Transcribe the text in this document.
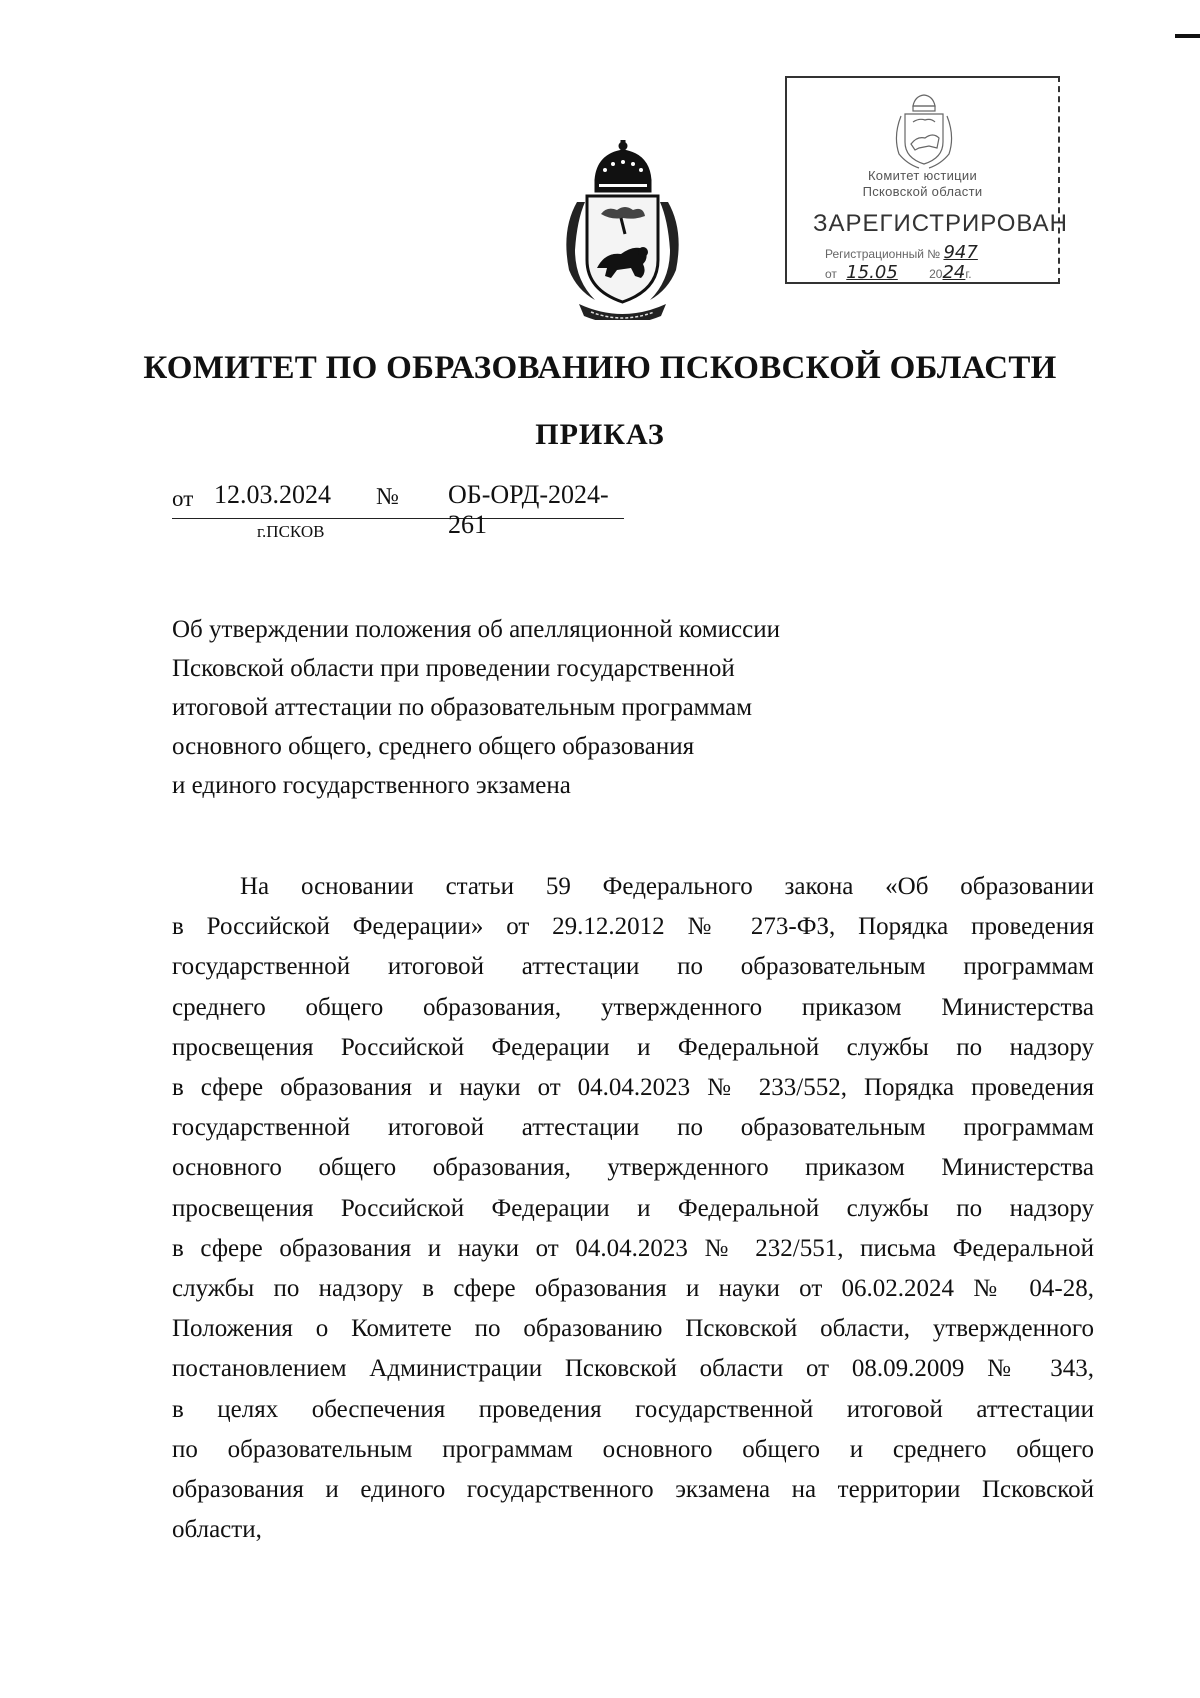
Комитет юстиции
Псковской области
ЗАРЕГИСТРИРОВАН
Регистрационный № 947
от 15.05	2024г.
КОМИТЕТ ПО ОБРАЗОВАНИЮ ПСКОВСКОЙ ОБЛАСТИ
ПРИКАЗ
от 12.03.2024 № ОБ-ОРД-2024-261
г.ПСКОВ
Об утверждении положения об апелляционной комиссии
Псковской области при проведении государственной
итоговой аттестации по образовательным программам
основного общего, среднего общего образования
и единого государственного экзамена
На основании статьи 59 Федерального закона «Об образовании
в Российской Федерации» от 29.12.2012 № 273-ФЗ, Порядка проведения
государственной итоговой аттестации по образовательным программам
среднего общего образования, утвержденного приказом Министерства
просвещения Российской Федерации и Федеральной службы по надзору
в сфере образования и науки от 04.04.2023 № 233/552, Порядка проведения
государственной итоговой аттестации по образовательным программам
основного общего образования, утвержденного приказом Министерства
просвещения Российской Федерации и Федеральной службы по надзору
в сфере образования и науки от 04.04.2023 № 232/551, письма Федеральной
службы по надзору в сфере образования и науки от 06.02.2024 № 04-28,
Положения о Комитете по образованию Псковской области, утвержденного
постановлением Администрации Псковской области от 08.09.2009 № 343,
в целях обеспечения проведения государственной итоговой аттестации
по образовательным программам основного общего и среднего общего
образования и единого государственного экзамена на территории Псковской
области,
